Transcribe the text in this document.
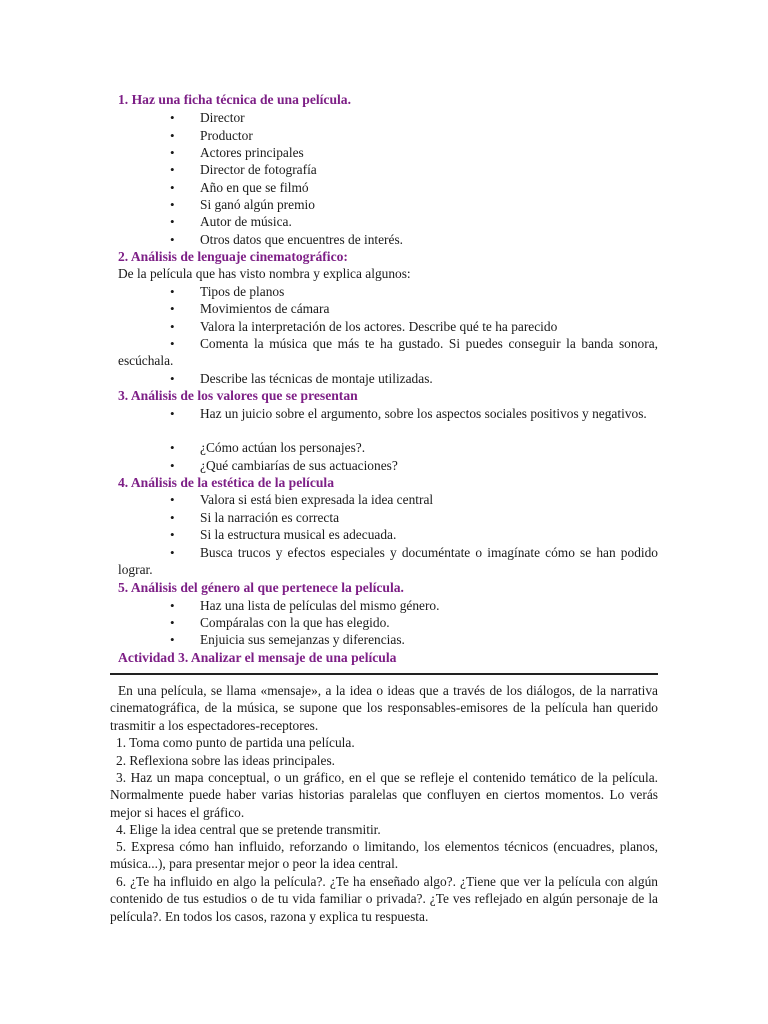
1. Haz una ficha técnica de una película.
• Director
• Productor
• Actores principales
• Director de fotografía
• Año en que se filmó
• Si ganó algún premio
• Autor de música.
• Otros datos que encuentres de interés.
2. Análisis de lenguaje cinematográfico:
De la película que has visto nombra y explica algunos:
• Tipos de planos
• Movimientos de cámara
• Valora la interpretación de los actores. Describe qué te ha parecido
•	Comenta la música que más te ha gustado. Si puedes conseguir la banda sonora, escúchala.
• Describe las técnicas de montaje utilizadas.
3. Análisis de los valores que se presentan
•	Haz un juicio sobre el argumento, sobre los aspectos sociales positivos y negativos.
• ¿Cómo actúan los personajes?.
• ¿Qué cambiarías de sus actuaciones?
4. Análisis de la estética de la película
• Valora si está bien expresada la idea central
• Si la narración es correcta
• Si la estructura musical es adecuada.
•	Busca trucos y efectos especiales y documéntate o imagínate cómo se han podido lograr.
5. Análisis del género al que pertenece la película.
• Haz una lista de películas del mismo género.
• Compáralas con la que has elegido.
• Enjuicia sus semejanzas y diferencias.
Actividad 3. Analizar el mensaje de una película
En una película, se llama «mensaje», a la idea o ideas que a través de los diálogos, de la narrativa cinematográfica, de la música, se supone que los responsables-emisores de la película han querido trasmitir a los espectadores-receptores.
1. Toma como punto de partida una película.
2. Reflexiona sobre las ideas principales.
3. Haz un mapa conceptual, o un gráfico, en el que se refleje el contenido temático de la película. Normalmente puede haber varias historias paralelas que confluyen en ciertos momentos. Lo verás mejor si haces el gráfico.
4. Elige la idea central que se pretende transmitir.
5. Expresa cómo han influido, reforzando o limitando, los elementos técnicos (encuadres, planos, música...), para presentar mejor o peor la idea central.
6. ¿Te ha influido en algo la película?. ¿Te ha enseñado algo?. ¿Tiene que ver la película con algún contenido de tus estudios o de tu vida familiar o privada?. ¿Te ves reflejado en algún personaje de la película?. En todos los casos, razona y explica tu respuesta.
